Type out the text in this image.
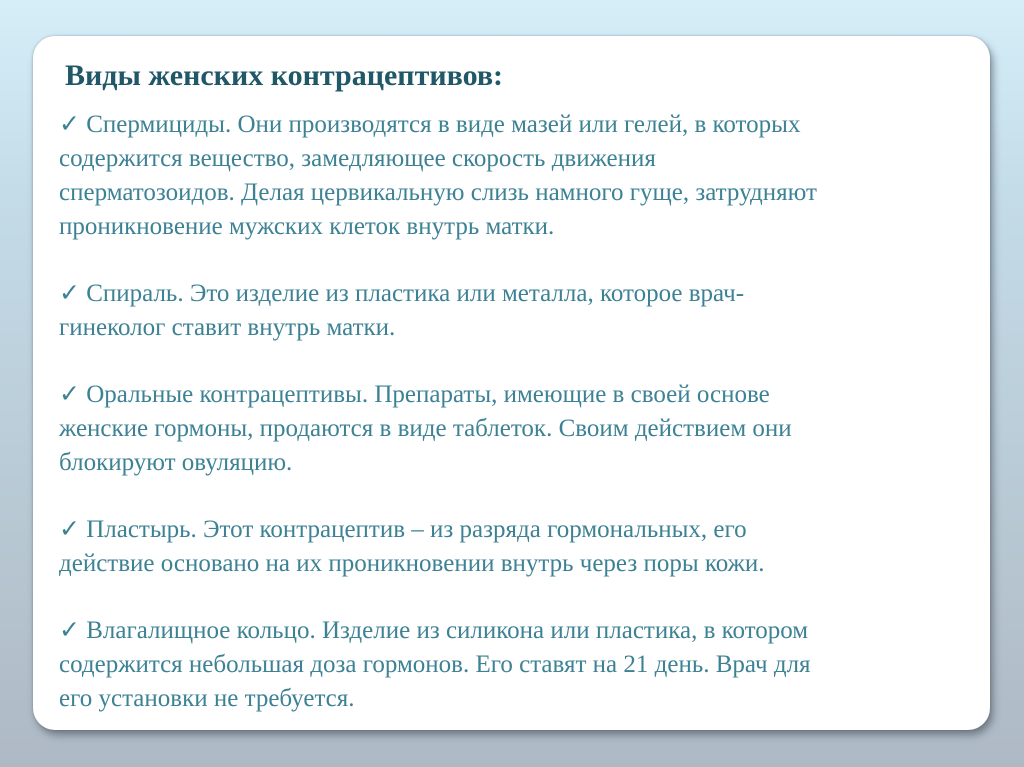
Виды женских контрацептивов:
✓ Спермициды. Они производятся в виде мазей или гелей, в которых
содержится вещество, замедляющее скорость движения
сперматозоидов. Делая цервикальную слизь намного гуще, затрудняют
проникновение мужских клеток внутрь матки.
✓ Спираль. Это изделие из пластика или металла, которое врач-
гинеколог ставит внутрь матки.
✓ Оральные контрацептивы. Препараты, имеющие в своей основе
женские гормоны, продаются в виде таблеток. Своим действием они
блокируют овуляцию.
✓ Пластырь. Этот контрацептив – из разряда гормональных, его
действие основано на их проникновении внутрь через поры кожи.
✓ Влагалищное кольцо. Изделие из силикона или пластика, в котором
содержится небольшая доза гормонов. Его ставят на 21 день. Врач для
его установки не требуется.
